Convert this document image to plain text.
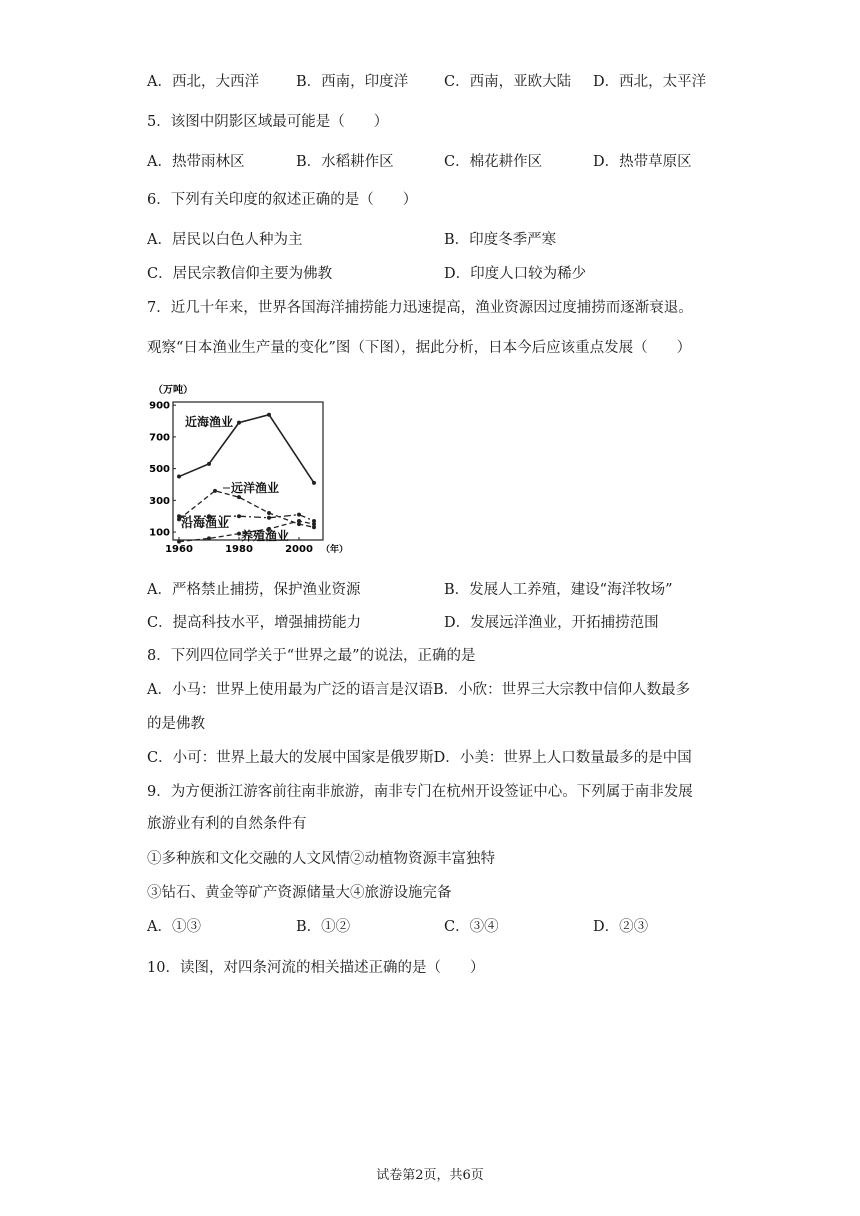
A．西北，大西洋	B．西南，印度洋 C．西南，亚欧大陆 D．西北，太平洋
5．该图中阴影区域最可能是（　　）
A．热带雨林区	B．水稻耕作区	C．棉花耕作区	D．热带草原区
6．下列有关印度的叙述正确的是（　　）
A．居民以白色人种为主	B．印度冬季严寒
C．居民宗教信仰主要为佛教	D．印度人口较为稀少
7．近几十年来，世界各国海洋捕捞能力迅速提高，渔业资源因过度捕捞而逐渐衰退。
观察“日本渔业生产量的变化”图（下图），据此分析，日本今后应该重点发展（　　）
（万吨）
100
300
500
700
900
1960	1980	2000 （年）
近海渔业
远洋渔业
沿海渔业
养殖渔业
A．严格禁止捕捞，保护渔业资源	B．发展人工养殖，建设“海洋牧场”
C．提高科技水平，增强捕捞能力	D．发展远洋渔业，开拓捕捞范围
8．下列四位同学关于“世界之最”的说法，正确的是
A．小马：世界上使用最为广泛的语言是汉语B．小欣：世界三大宗教中信仰人数最多
的是佛教
C．小可：世界上最大的发展中国家是俄罗斯D．小美：世界上人口数量最多的是中国
9．为方便浙江游客前往南非旅游，南非专门在杭州开设签证中心。下列属于南非发展
旅游业有利的自然条件有
①多种族和文化交融的人文风情②动植物资源丰富独特
③钻石、黄金等矿产资源储量大④旅游设施完备
A．①③	B．①②	C．③④	D．②③
10．读图，对四条河流的相关描述正确的是（　　）
试卷第2页，共6页
